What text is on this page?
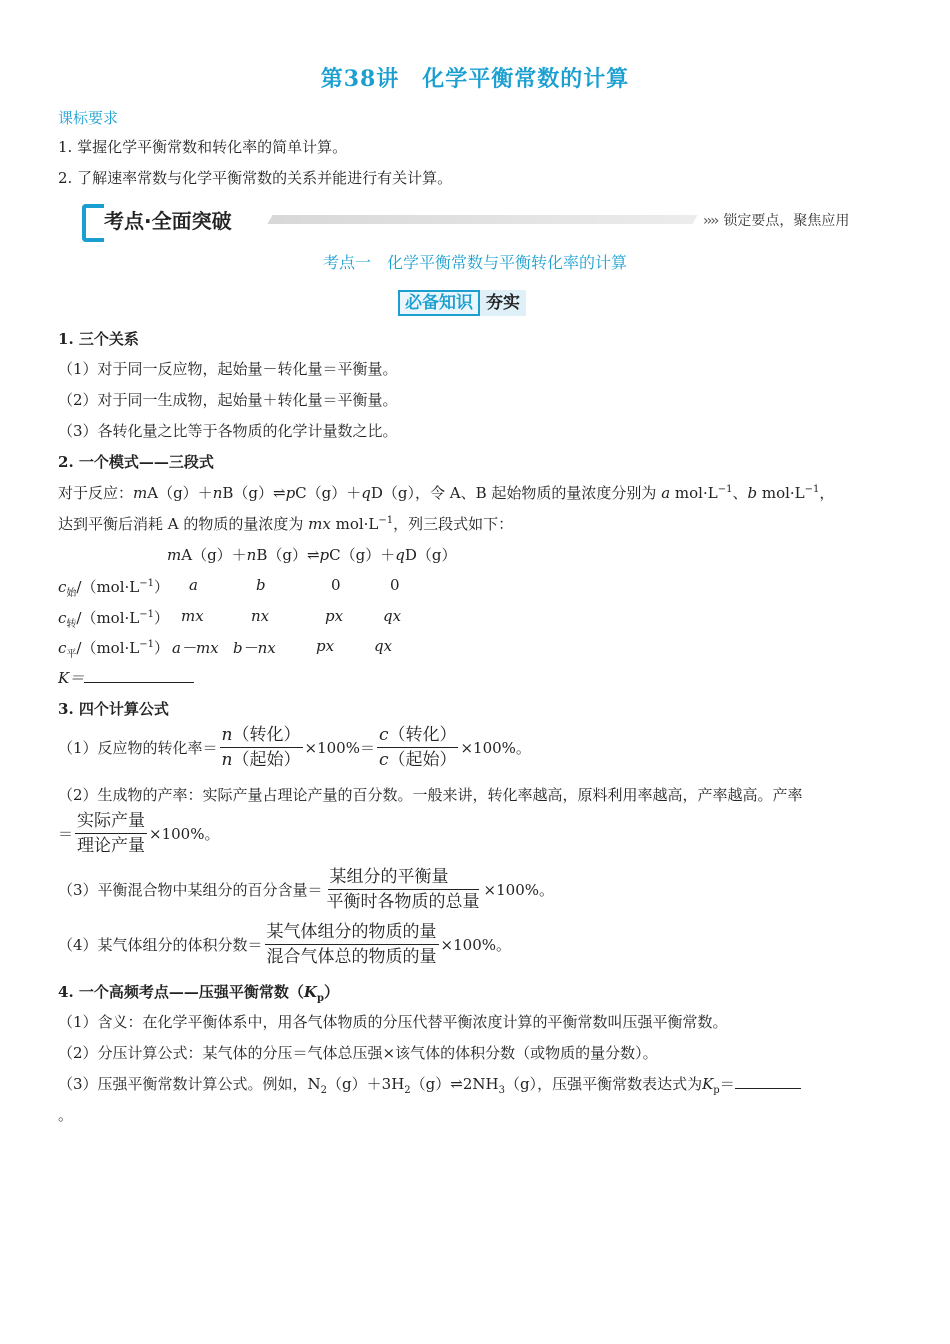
第38讲　化学平衡常数的计算
课标要求
1. 掌握化学平衡常数和转化率的简单计算。
2. 了解速率常数与化学平衡常数的关系并能进行有关计算。
考点·全面突破	›››› 锁定要点，聚焦应用
考点一　化学平衡常数与平衡转化率的计算
必备知识 夯实
1. 三个关系
（1）对于同一反应物，起始量－转化量＝平衡量。
（2）对于同一生成物，起始量＋转化量＝平衡量。
（3）各转化量之比等于各物质的化学计量数之比。
2. 一个模式——三段式
对于反应：mA（g）＋nB（g）⇌pC（g）＋qD（g），令 A、B 起始物质的量浓度分别为 a $mol\cdot L^{-1}$、b $mol\cdot L^{-1}$，
达到平衡后消耗 A 的物质的量浓度为 mx $mol\cdot L^{-1}$，列三段式如下：
mA（g）＋nB（g）⇌pC（g）＋qD（g）
$c_始/(mol\cdot L^{-1})$ a	b	0	0
$c_转/(mol\cdot L^{-1})$ mx	nx	px	qx
$c_平/(mol\cdot L^{-1})$ a－mx b－nx	px	qx
K＝
3. 四个计算公式
（1）反应物的转化率＝ $\frac{\text{n（转化）}}{\text{n（起始）}} \times 100\%= \frac{\text{c（转化）}}{\text{c（起始）}} \times 100\%$。
（2）生成物的产率：实际产量占理论产量的百分数。一般来讲，转化率越高，原料利用率越高，产率越高。产率
＝ $\frac{\text{实际产量}}{\text{理论产量}} \times 100\%$。
（3）平衡混合物中某组分的百分含量＝ $\frac{\text{某组分的平衡量}}{\text{平衡时各物质的总量}} \times 100\%$。
（4）某气体组分的体积分数＝ $\frac{\text{某气体组分的物质的量}}{\text{混合气体总的物质的量}} \times 100\%$。
4. 一个高频考点——压强平衡常数$(K_p)$
（1）含义：在化学平衡体系中，用各气体物质的分压代替平衡浓度计算的平衡常数叫压强平衡常数。
（2）分压计算公式：某气体的分压＝气体总压强×该气体的体积分数（或物质的量分数）。
（3）压强平衡常数计算公式。例如，$N_2(g)+3H_2(g)\rightleftharpoons 2NH_3(g)$，压强平衡常数表达式为$K_p=$
。
